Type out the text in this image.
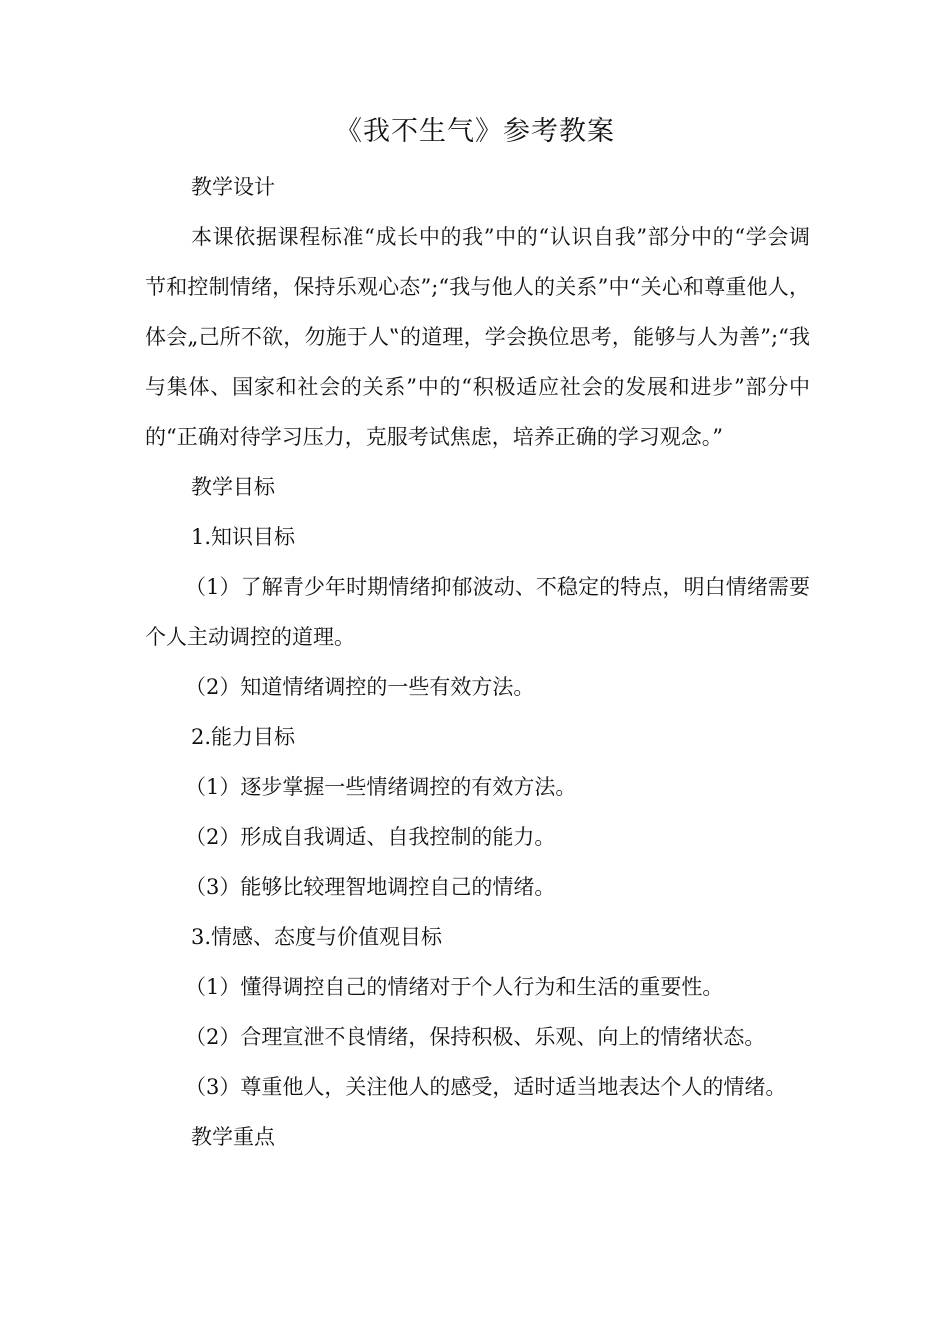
《我不生气》参考教案

教学设计

本课依据课程标准“成长中的我”中的“认识自我”部分中的“学会调节和控制情绪，保持乐观心态”;“我与他人的关系”中“关心和尊重他人，体会„己所不欲，勿施于人‟的道理，学会换位思考，能够与人为善”;“我与集体、国家和社会的关系”中的“积极适应社会的发展和进步”部分中的“正确对待学习压力，克服考试焦虑，培养正确的学习观念。”

教学目标

1.知识目标

（1）了解青少年时期情绪抑郁波动、不稳定的特点，明白情绪需要个人主动调控的道理。

（2）知道情绪调控的一些有效方法。

2.能力目标

（1）逐步掌握一些情绪调控的有效方法。

（2）形成自我调适、自我控制的能力。

（3）能够比较理智地调控自己的情绪。

3.情感、态度与价值观目标

（1）懂得调控自己的情绪对于个人行为和生活的重要性。

（2）合理宣泄不良情绪，保持积极、乐观、向上的情绪状态。

（3）尊重他人，关注他人的感受，适时适当地表达个人的情绪。

教学重点
